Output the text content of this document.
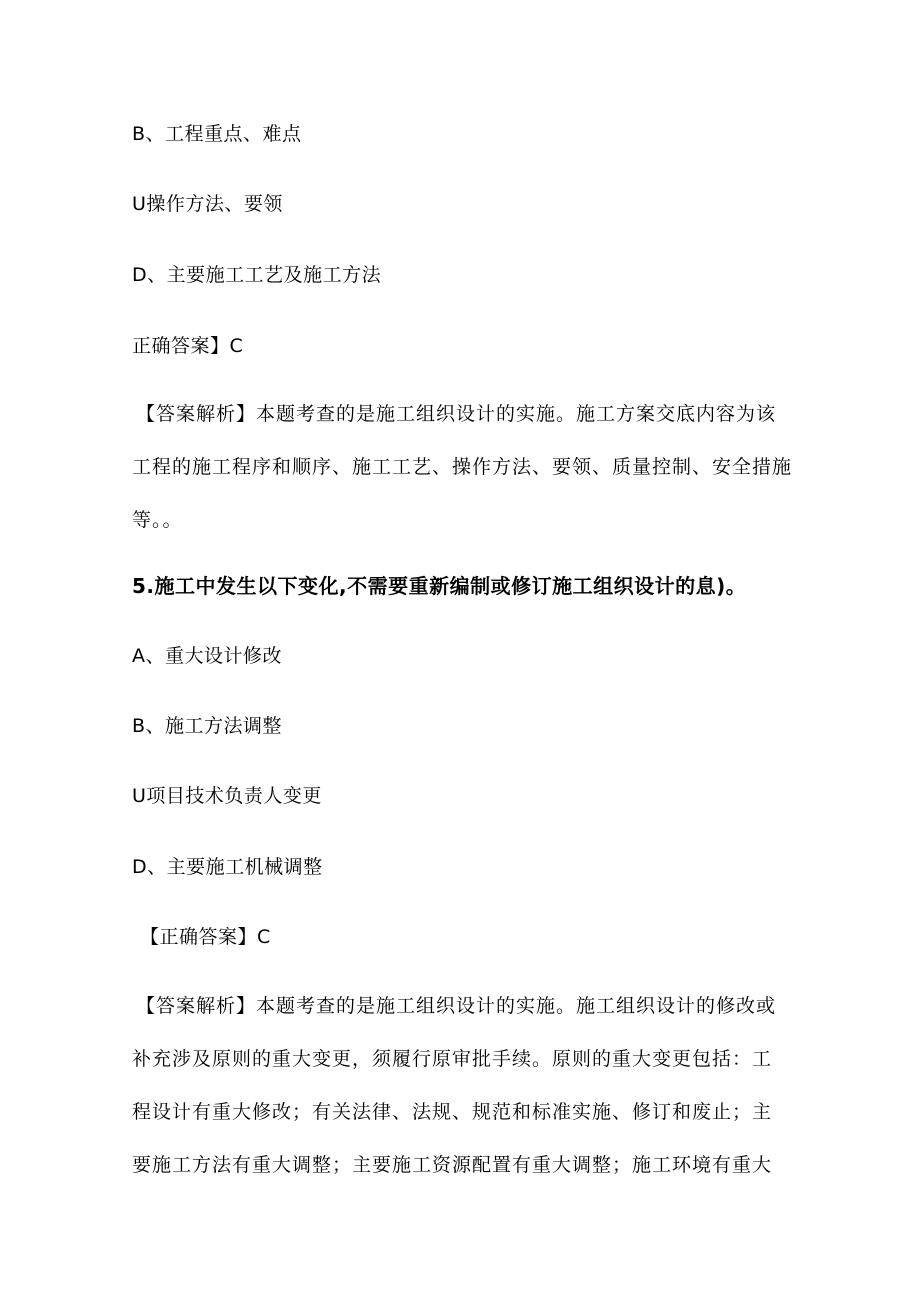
B、工程重点、难点
U操作方法、要领
D、主要施工工艺及施工方法
正确答案】C

【答案解析】本题考查的是施工组织设计的实施。施工方案交底内容为该

工程的施工程序和顺序、施工工艺、操作方法、要领、质量控制、安全措施

等。。

5.施工中发生以下变化,不需要重新编制或修订施工组织设计的息)。
A、重大设计修改
B、施工方法调整
U项目技术负责人变更
D、主要施工机械调整
【正确答案】C

【答案解析】本题考查的是施工组织设计的实施。施工组织设计的修改或

补充涉及原则的重大变更，须履行原审批手续。原则的重大变更包括：工

程设计有重大修改；有关法律、法规、规范和标准实施、修订和废止；主

要施工方法有重大调整；主要施工资源配置有重大调整；施工环境有重大
